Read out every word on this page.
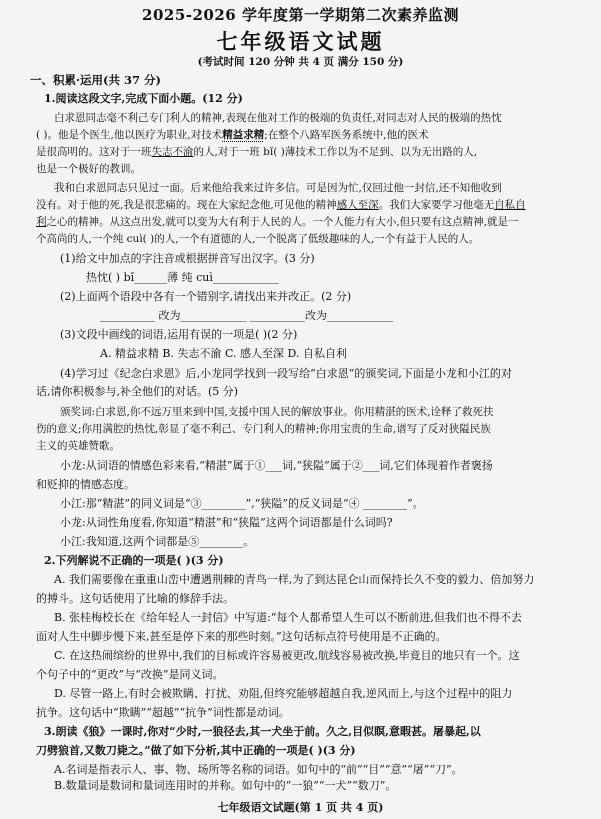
2025-2026 学年度第一学期第二次素养监测
七年级语文试题
(考试时间 120 分钟 共 4 页 满分 150 分)
一、积累·运用(共 37 分)
1.阅读这段文字,完成下面小题。(12 分)
白求恩同志毫不利己专门利人的精神,表现在他对工作的极端的负责任,对同志对人民的极端的热忱
( )。他是个医生,他以医疗为职业,对技术精益求精;在整个八路军医务系统中,他的医术
是很高明的。这对于一班失志不渝的人,对于一班 bǐ( )薄技术工作以为不足到、以为无出路的人,
也是一个极好的教训。
我和白求恩同志只见过一面。后来他给我来过许多信。可是因为忙,仅回过他一封信,还不知他收到
没有。对于他的死,我是很悲痛的。现在大家纪念他,可见他的精神感人至深。我们大家要学习他毫无自私自
利之心的精神。从这点出发,就可以变为大有利于人民的人。一个人能力有大小,但只要有这点精神,就是一
个高尚的人,一个纯 cuì( )的人,一个有道德的人,一个脱离了低级趣味的人,一个有益于人民的人。
(1)给文中加点的字注音或根据拼音写出汉字。(3 分)
热忱( ) bǐ______薄 纯 cuì____________
(2)上面两个语段中各有一个错别字,请找出来并改正。(2 分)
__________ 改为____________ __________改为____________
(3)文段中画线的词语,运用有误的一项是( )(2 分)
A. 精益求精 B. 失志不渝 C. 感人至深 D. 自私自利
(4)学习过《纪念白求恩》后,小龙同学找到一段写给“白求恩”的颁奖词,下面是小龙和小江的对
话,请你积极参与,补全他们的对话。(5 分)
颁奖词:白求恩,你不远万里来到中国,支援中国人民的解放事业。你用精湛的医术,诠释了救死扶
伤的意义;你用满腔的热忱,彰显了毫不利己、专门利人的精神;你用宝贵的生命,谱写了反对狭隘民族
主义的英雄赞歌。
小龙:从词语的情感色彩来看,“精湛”属于①___词,“狭隘”属于②___词,它们体现着作者褒扬
和贬抑的情感态度。
小江:那“精湛”的同义词是“③________”,“狭隘”的反义词是“④ ________”。
小龙:从词性角度看,你知道“精湛”和“狭隘”这两个词语都是什么词吗?
小江:我知道,这两个词都是⑤________。
2.下列解说不正确的一项是( )(3 分)
A. 我们需要像在重重山峦中遭遇荆棘的青鸟一样,为了到达昆仑山而保持长久不变的毅力、倍加努力
的搏斗。这句话使用了比喻的修辞手法。
B. 张桂梅校长在《给年轻人一封信》中写道:“每个人都希望人生可以不断前进,但我们也不得不去
面对人生中脚步慢下来,甚至是停下来的那些时刻。”这句话标点符号使用是不正确的。
C. 在这热闹缤纷的世界中,我们的目标或许容易被更改,航线容易被改换,毕竟目的地只有一个。这
个句子中的“更改”与“改换”是同义词。
D. 尽管一路上,有时会被欺瞒、打扰、劝阻,但终究能够超越自我,逆风而上,与这个过程中的阻力
抗争。这句话中“欺瞒”“超越”“抗争”词性都是动词。
3.朗读《狼》一课时,你对“少时,一狼径去,其一犬坐于前。久之,目似瞑,意暇甚。屠暴起,以
刀劈狼首,又数刀毙之。”做了如下分析,其中正确的一项是( )(3 分)
A.名词是指表示人、事、物、场所等名称的词语。如句中的“前”“目”“意”“屠”“刀”。
B.数量词是数词和量词连用时的并称。如句中的“一狼”“一犬”“数刀”。
七年级语文试题(第 1 页 共 4 页)
